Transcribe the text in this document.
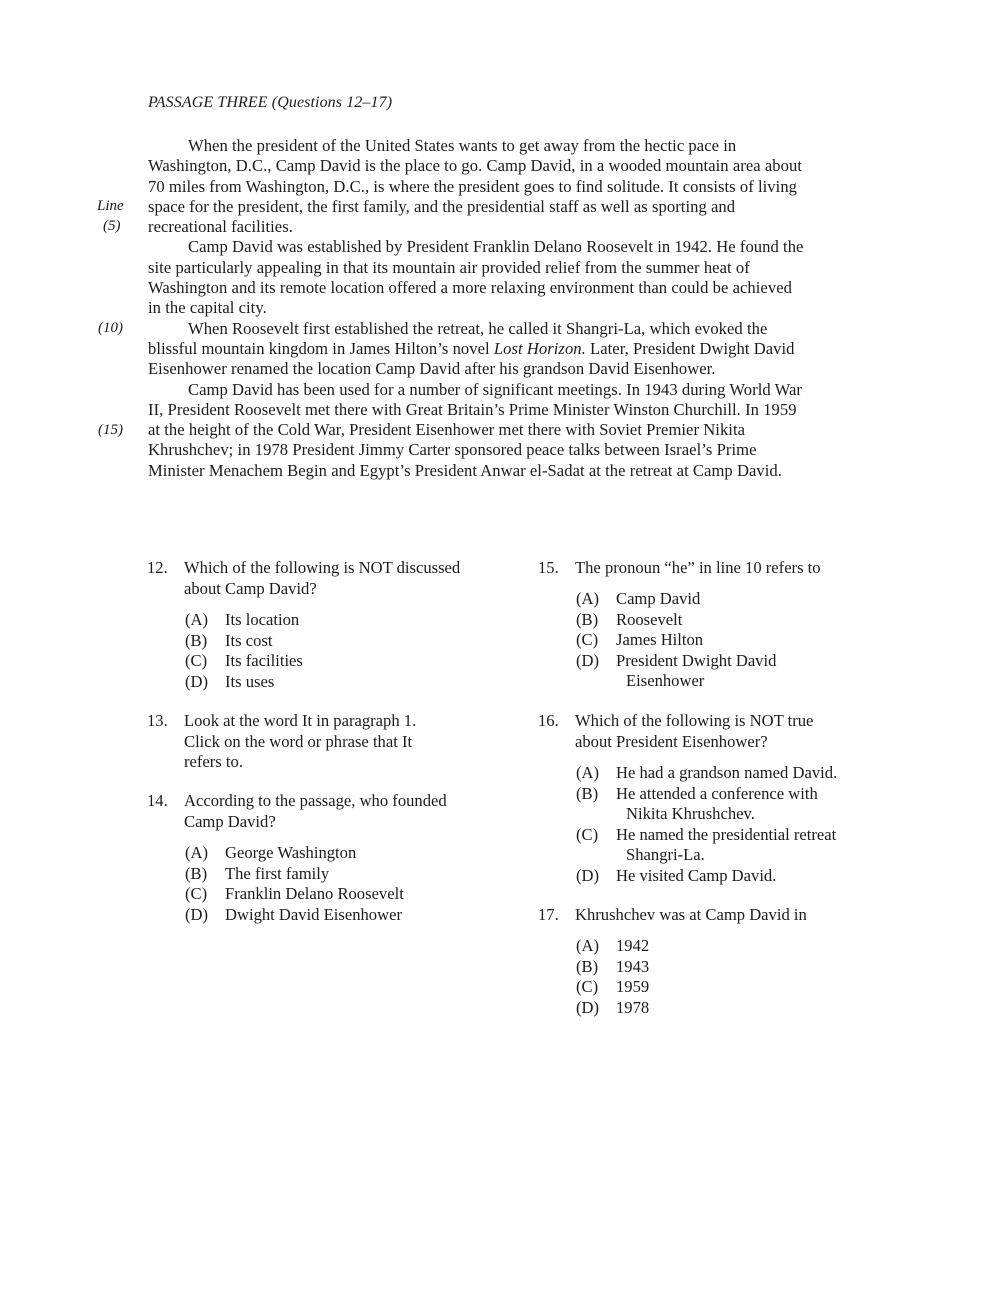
PASSAGE THREE (Questions 12–17)
Line
(5)
(10)
(15)
When the president of the United States wants to get away from the hectic pace in
Washington, D.C., Camp David is the place to go. Camp David, in a wooded mountain area about
70 miles from Washington, D.C., is where the president goes to find solitude. It consists of living
space for the president, the first family, and the presidential staff as well as sporting and
recreational facilities.
Camp David was established by President Franklin Delano Roosevelt in 1942. He found the
site particularly appealing in that its mountain air provided relief from the summer heat of
Washington and its remote location offered a more relaxing environment than could be achieved
in the capital city.
When Roosevelt first established the retreat, he called it Shangri-La, which evoked the
blissful mountain kingdom in James Hilton’s novel Lost Horizon. Later, President Dwight David
Eisenhower renamed the location Camp David after his grandson David Eisenhower.
Camp David has been used for a number of significant meetings. In 1943 during World War
II, President Roosevelt met there with Great Britain’s Prime Minister Winston Churchill. In 1959
at the height of the Cold War, President Eisenhower met there with Soviet Premier Nikita
Khrushchev; in 1978 President Jimmy Carter sponsored peace talks between Israel’s Prime
Minister Menachem Begin and Egypt’s President Anwar el-Sadat at the retreat at Camp David.
12. Which of the following is NOT discussed
about Camp David?
(A) Its location
(B) Its cost
(C) Its facilities
(D) Its uses
13. Look at the word It in paragraph 1.
Click on the word or phrase that It
refers to.
14. According to the passage, who founded
Camp David?
(A) George Washington
(B) The first family
(C) Franklin Delano Roosevelt
(D) Dwight David Eisenhower
15. The pronoun “he” in line 10 refers to
(A) Camp David
(B) Roosevelt
(C) James Hilton
(D) President Dwight David
Eisenhower
16. Which of the following is NOT true
about President Eisenhower?
(A) He had a grandson named David.
(B) He attended a conference with
Nikita Khrushchev.
(C) He named the presidential retreat
Shangri-La.
(D) He visited Camp David.
17. Khrushchev was at Camp David in
(A) 1942
(B) 1943
(C) 1959
(D) 1978
